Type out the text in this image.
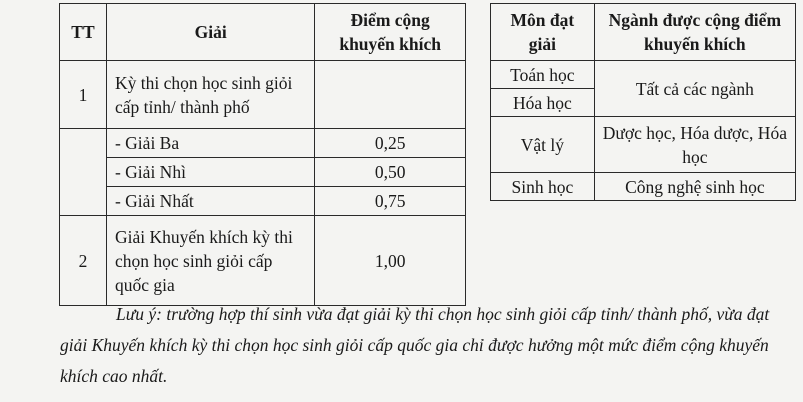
TT	Giải	Điểm cộng khuyến khích
1	Kỳ thi chọn học sinh giỏi cấp tỉnh/ thành phố	
	- Giải Ba	0,25
	- Giải Nhì	0,50
	- Giải Nhất	0,75
2	Giải Khuyến khích kỳ thi chọn học sinh giỏi cấp quốc gia	1,00
Môn đạt giải	Ngành được cộng điểm khuyến khích
Toán học	Tất cả các ngành
Hóa học	
Vật lý	Dược học, Hóa dược, Hóa học
Sinh học	Công nghệ sinh học

Lưu ý: trường hợp thí sinh vừa đạt giải kỳ thi chọn học sinh giỏi cấp tỉnh/ thành phố, vừa đạt giải Khuyến khích kỳ thi chọn học sinh giỏi cấp quốc gia chỉ được hưởng một mức điểm cộng khuyến khích cao nhất.
